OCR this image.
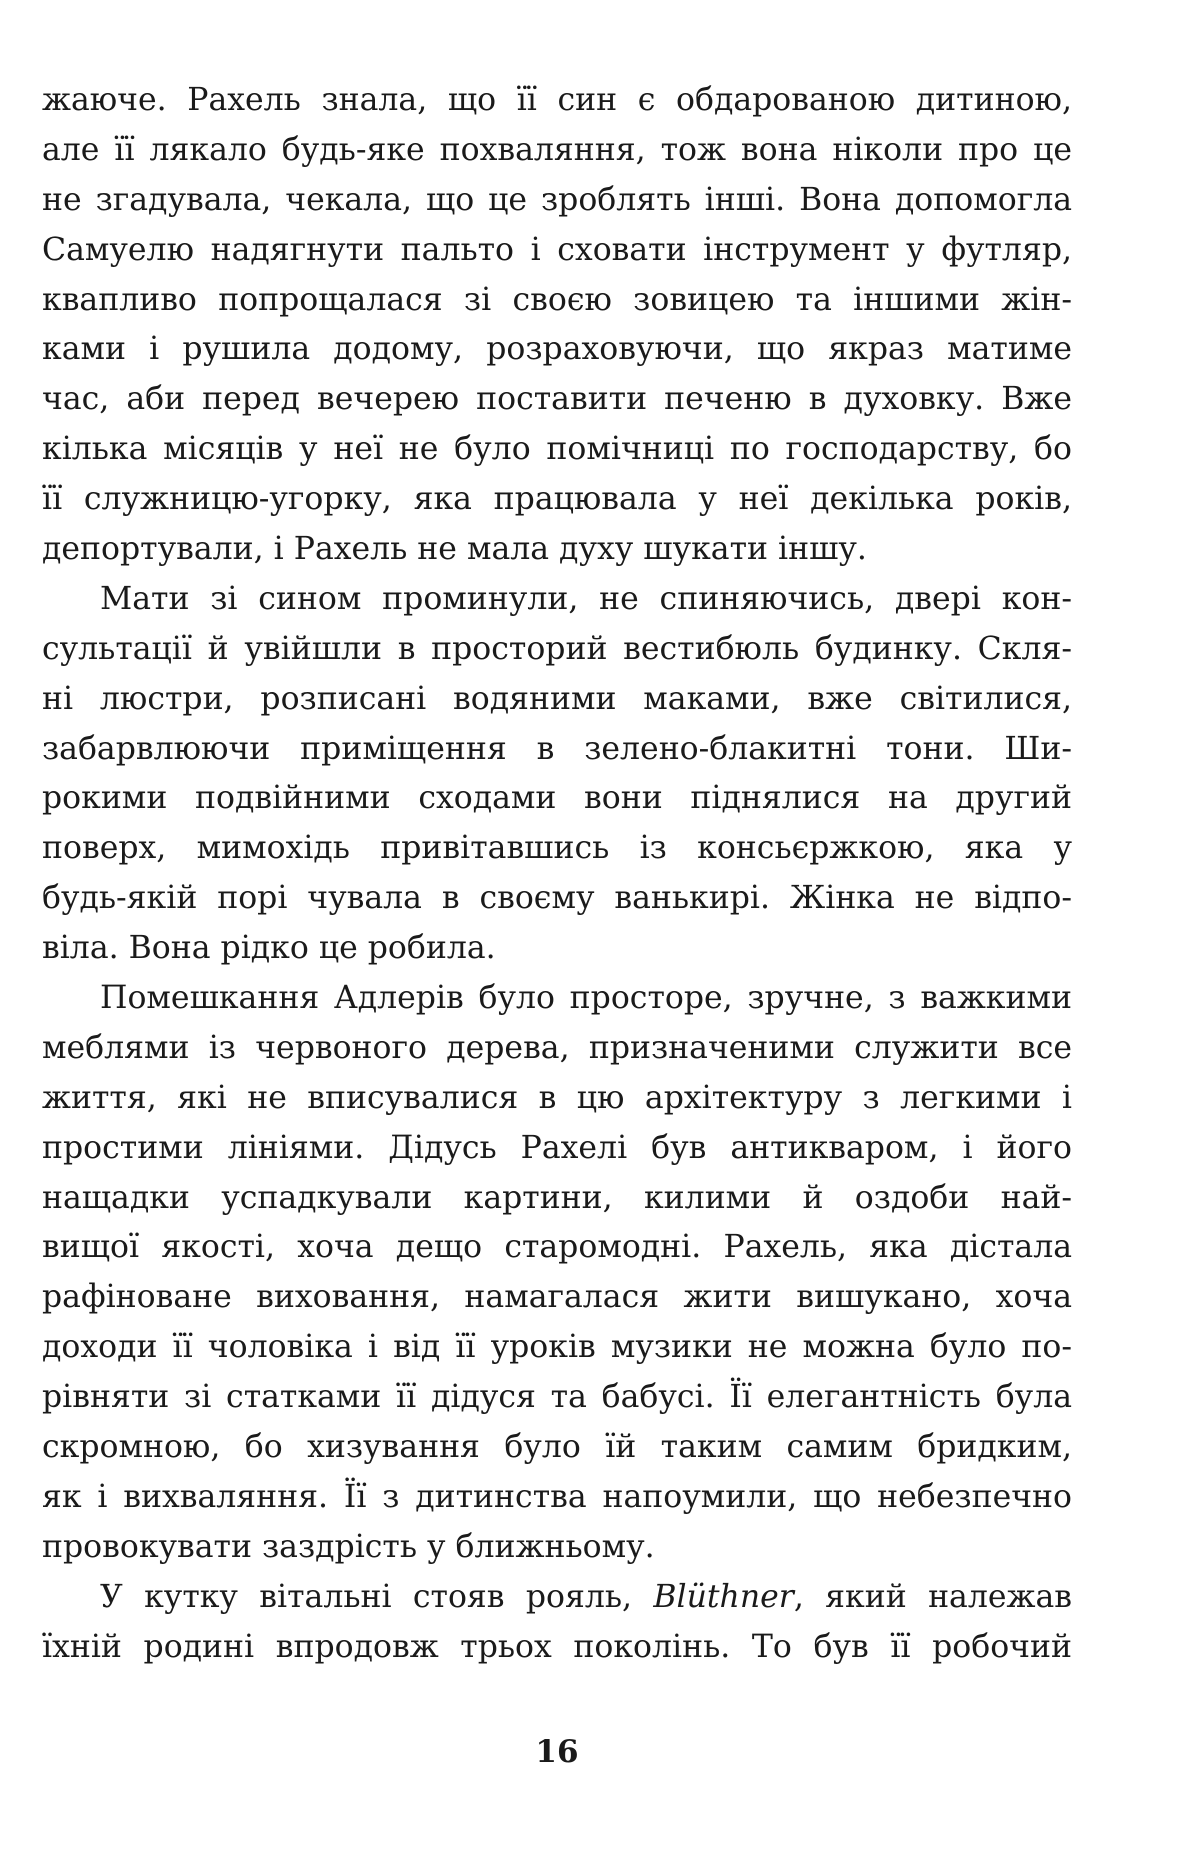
жаюче. Рахель знала, що її син є обдарованою дитиною,
але її лякало будь-яке похваляння, тож вона ніколи про це
не згадувала, чекала, що це зроблять інші. Вона допомогла
Самуелю надягнути пальто і сховати інструмент у футляр,
квапливо попрощалася зі своєю зовицею та іншими жін-
ками і рушила додому, розраховуючи, що якраз матиме
час, аби перед вечерею поставити печеню в духовку. Вже
кілька місяців у неї не було помічниці по господарству, бо
її служницю-угорку, яка працювала у неї декілька років,
депортували, і Рахель не мала духу шукати іншу.
Мати зі сином проминули, не спиняючись, двері кон-
сультації й увійшли в просторий вестибюль будинку. Скля-
ні люстри, розписані водяними маками, вже світилися,
забарвлюючи приміщення в зелено-блакитні тони. Ши-
рокими подвійними сходами вони піднялися на другий
поверх, мимохідь привітавшись із консьєржкою, яка у
будь-якій порі чувала в своєму ванькирі. Жінка не відпо-
віла. Вона рідко це робила.
Помешкання Адлерів було просторе, зручне, з важкими
меблями із червоного дерева, призначеними служити все
життя, які не вписувалися в цю архітектуру з легкими і
простими лініями. Дідусь Рахелі був антикваром, і його
нащадки успадкували картини, килими й оздоби най-
вищої якості, хоча дещо старомодні. Рахель, яка дістала
рафіноване виховання, намагалася жити вишукано, хоча
доходи її чоловіка і від її уроків музики не можна було по-
рівняти зі статками її дідуся та бабусі. Її елегантність була
скромною, бо хизування було їй таким самим бридким,
як і вихваляння. Її з дитинства напоумили, що небезпечно
провокувати заздрість у ближньому.
У кутку вітальні стояв рояль, Blüthner, який належав
їхній родині впродовж трьох поколінь. То був її робочий
16
